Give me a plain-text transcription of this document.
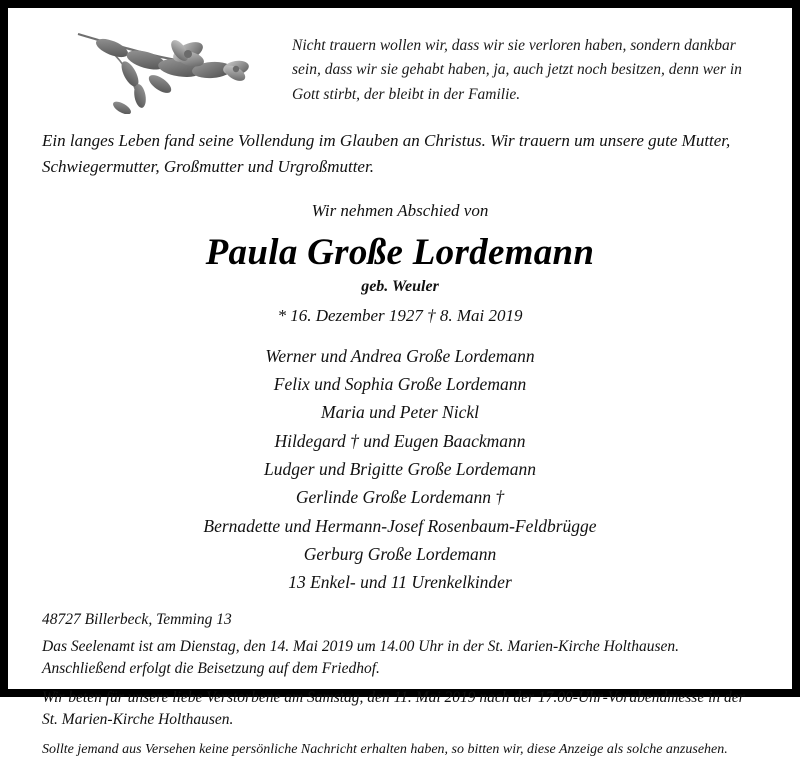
Nicht trauern wollen wir, dass wir sie verloren haben, sondern dankbar sein, dass wir sie gehabt haben, ja, auch jetzt noch besitzen, denn wer in Gott stirbt, der bleibt in der Familie.
Ein langes Leben fand seine Vollendung im Glauben an Christus. Wir trauern um unsere gute Mutter, Schwiegermutter, Großmutter und Urgroßmutter.
Wir nehmen Abschied von
Paula Große Lordemann
geb. Weuler
* 16. Dezember 1927 † 8. Mai 2019
Werner und Andrea Große Lordemann
Felix und Sophia Große Lordemann
Maria und Peter Nickl
Hildegard † und Eugen Baackmann
Ludger und Brigitte Große Lordemann
Gerlinde Große Lordemann †
Bernadette und Hermann-Josef Rosenbaum-Feldbrügge
Gerburg Große Lordemann
13 Enkel- und 11 Urenkelkinder
48727 Billerbeck, Temming 13
Das Seelenamt ist am Dienstag, den 14. Mai 2019 um 14.00 Uhr in der St. Marien-Kirche Holthausen. Anschließend erfolgt die Beisetzung auf dem Friedhof.
Wir beten für unsere liebe Verstorbene am Samstag, den 11. Mai 2019 nach der 17.00-Uhr-Vorabendmesse in der St. Marien-Kirche Holthausen.
Sollte jemand aus Versehen keine persönliche Nachricht erhalten haben, so bitten wir, diese Anzeige als solche anzusehen.
